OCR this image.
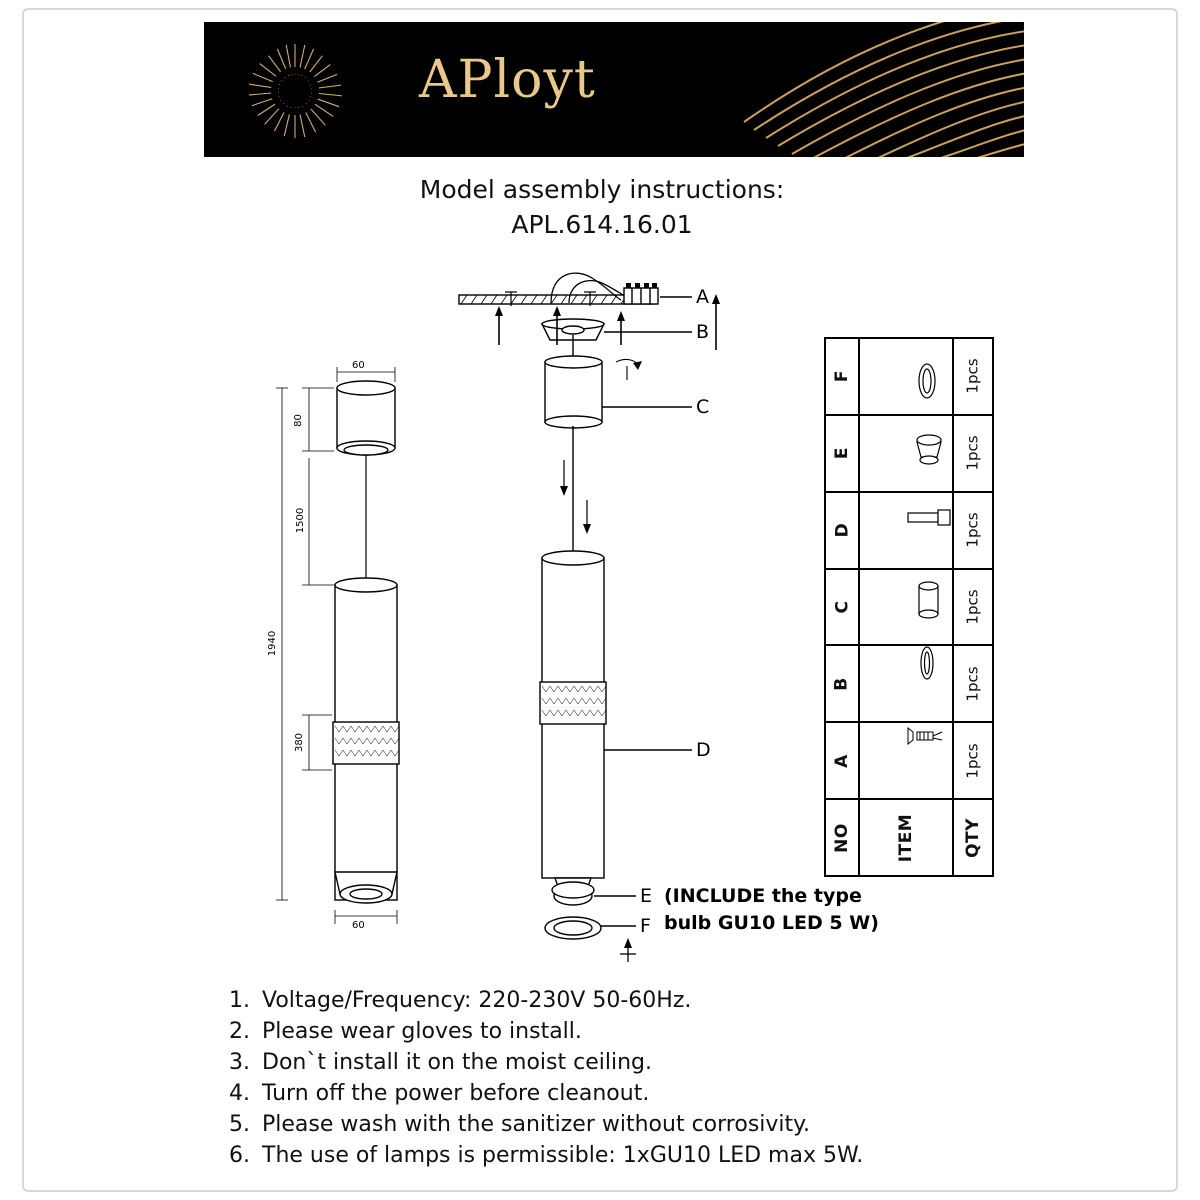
APloyt
Model assembly instructions:
APL.614.16.01
A
B
C
D
E
F
(INCLUDE the type
bulb GU10 LED 5 W)
60
80
1500
1940
380
60
F	1pcs
E	1pcs
D	1pcs
C	1pcs
B	1pcs
A	1pcs
NO	ITEM	QTY
1. Voltage/Frequency: 220-230V 50-60Hz.
2. Please wear gloves to install.
3. Don`t install it on the moist ceiling.
4. Turn off the power before cleanout.
5. Please wash with the sanitizer without corrosivity.
6. The use of lamps is permissible: 1xGU10 LED max 5W.
